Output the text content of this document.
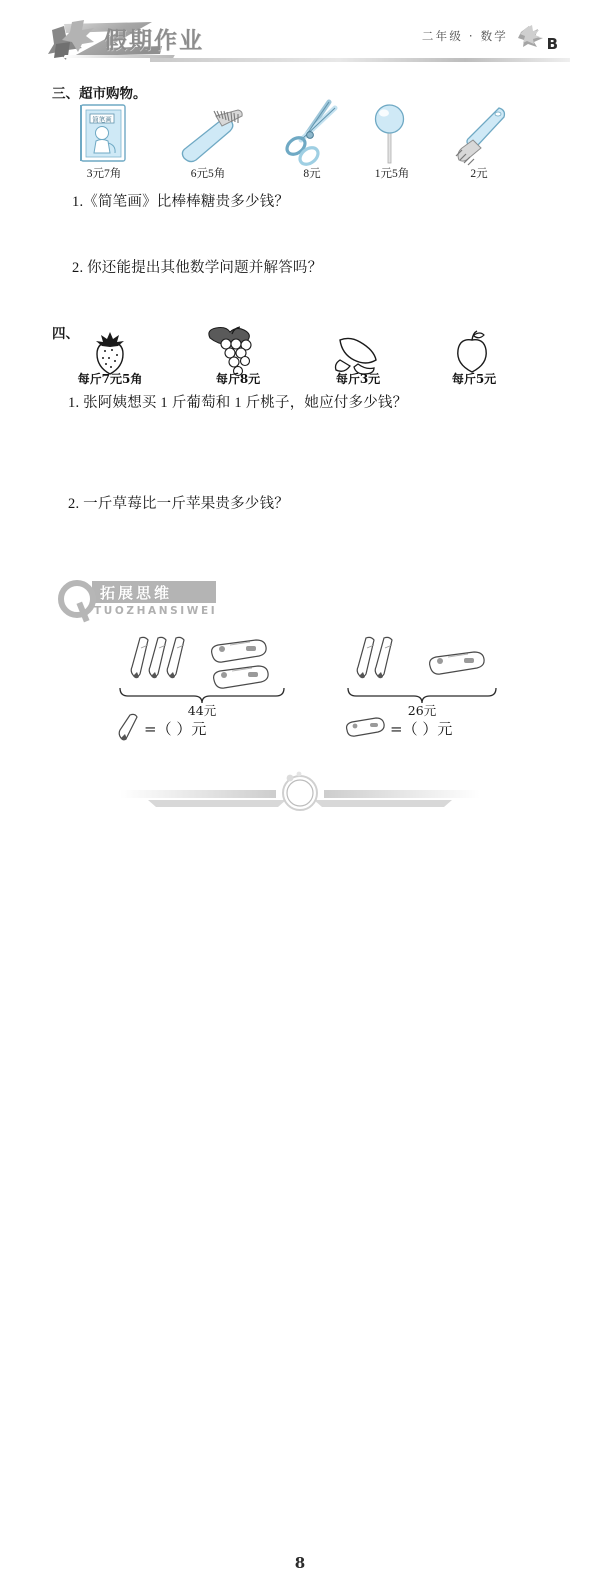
假期作业	二年级 · 数学	B
三、超市购物。
简笔画
3元7角	6元5角	8元	1元5角	2元
1.《简笔画》比棒棒糖贵多少钱？
2. 你还能提出其他数学问题并解答吗？
四、
每斤7元5角	每斤8元	每斤3元	每斤5元
1. 张阿姨想买 1 斤葡萄和 1 斤桃子，她应付多少钱？
2. 一斤草莓比一斤苹果贵多少钱？
拓展思维
TUOZHANSIWEI
44元
=（ ）元
26元
=（ ）元
8
